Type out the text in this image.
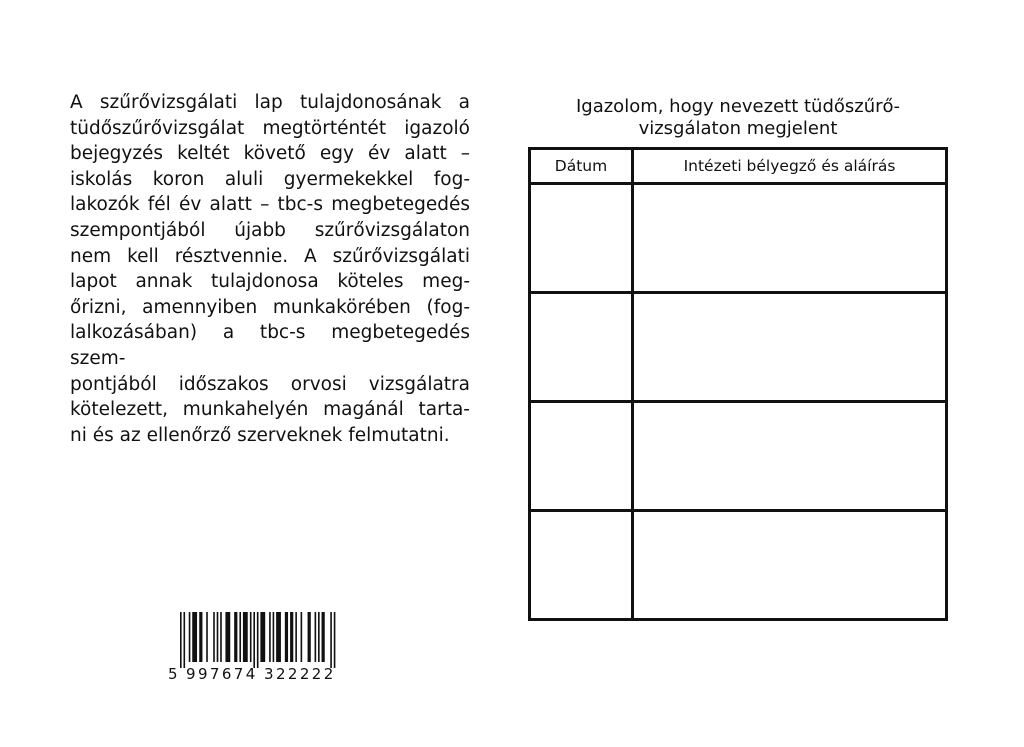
A szűrővizsgálati lap tulajdonosának a
tüdőszűrővizsgálat megtörténtét igazoló
bejegyzés keltét követő egy év alatt –
iskolás koron aluli gyermekekkel fog-
lakozók fél év alatt – tbc-s megbetegedés
szempontjából újabb szűrővizsgálaton
nem kell résztvennie. A szűrővizsgálati
lapot annak tulajdonosa köteles meg-
őrizni, amennyiben munkakörében (fog-
lalkozásában) a tbc-s megbetegedés szem-
pontjából időszakos orvosi vizsgálatra
kötelezett, munkahelyén magánál tarta-
ni és az ellenőrző szerveknek felmutatni.

5 997674 322222
Igazolom, hogy nevezett tüdőszűrő-
vizsgálaton megjelent
Dátum	Intézeti bélyegző és aláírás
